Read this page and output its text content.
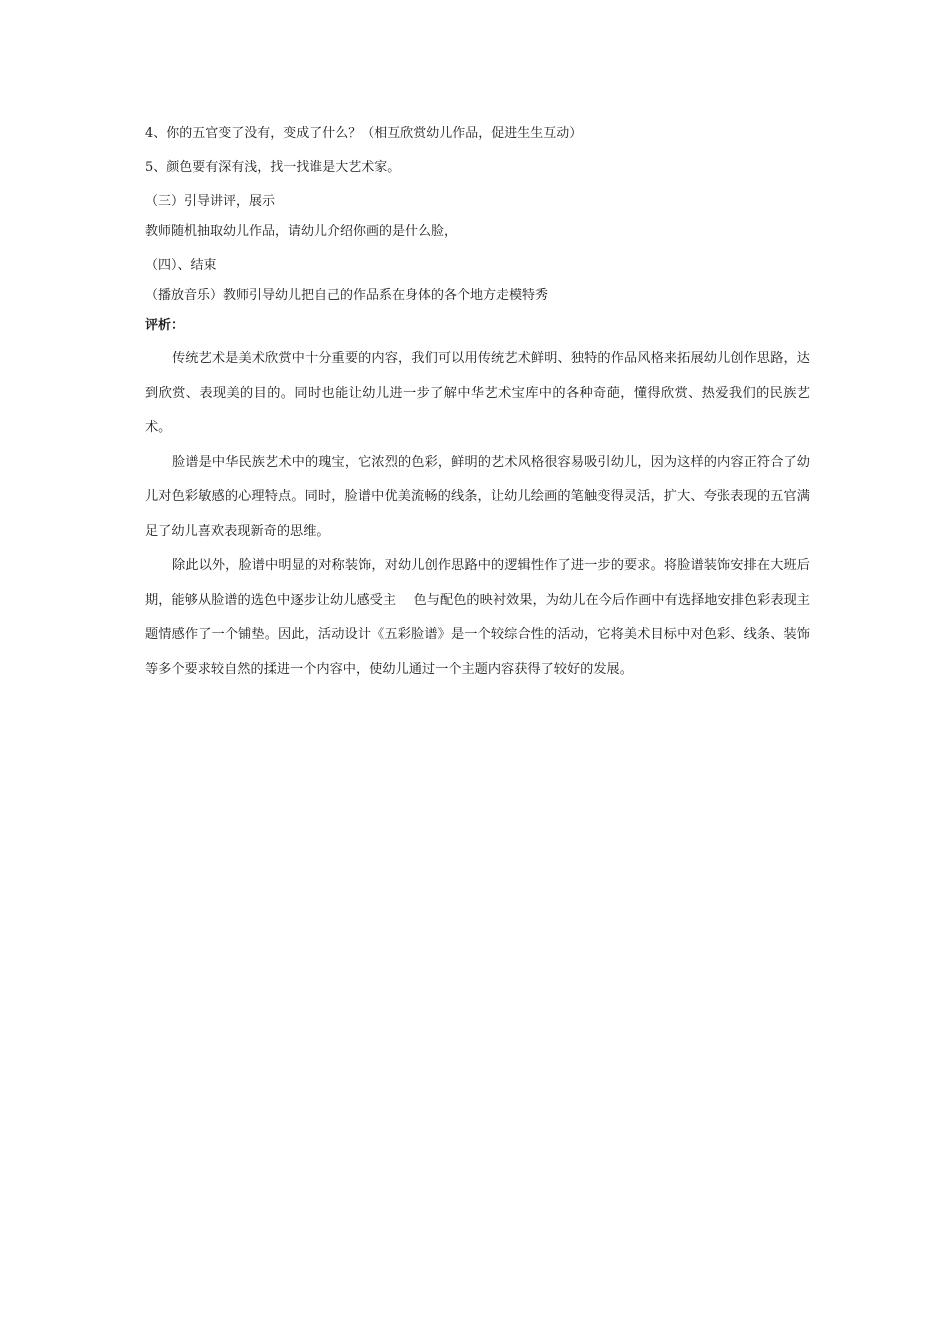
4、你的五官变了没有，变成了什么？（相互欣赏幼儿作品，促进生生互动）
5、颜色要有深有浅，找一找谁是大艺术家。
（三）引导讲评，展示
教师随机抽取幼儿作品，请幼儿介绍你画的是什么脸，
（四）、结束
（播放音乐）教师引导幼儿把自己的作品系在身体的各个地方走模特秀
评析：

传统艺术是美术欣赏中十分重要的内容，我们可以用传统艺术鲜明、独特的作品风格来拓展幼儿创作思路，达到欣赏、表现美的目的。同时也能让幼儿进一步了解中华艺术宝库中的各种奇葩，懂得欣赏、热爱我们的民族艺术。

脸谱是中华民族艺术中的瑰宝，它浓烈的色彩，鲜明的艺术风格很容易吸引幼儿，因为这样的内容正符合了幼儿对色彩敏感的心理特点。同时，脸谱中优美流畅的线条，让幼儿绘画的笔触变得灵活，扩大、夸张表现的五官满足了幼儿喜欢表现新奇的思维。

除此以外，脸谱中明显的对称装饰，对幼儿创作思路中的逻辑性作了进一步的要求。将脸谱装饰安排在大班后期，能够从脸谱的选色中逐步让幼儿感受主　 色与配色的映衬效果，为幼儿在今后作画中有选择地安排色彩表现主题情感作了一个铺垫。因此，活动设计《五彩脸谱》是一个较综合性的活动，它将美术目标中对色彩、线条、装饰等多个要求较自然的揉进一个内容中，使幼儿通过一个主题内容获得了较好的发展。
